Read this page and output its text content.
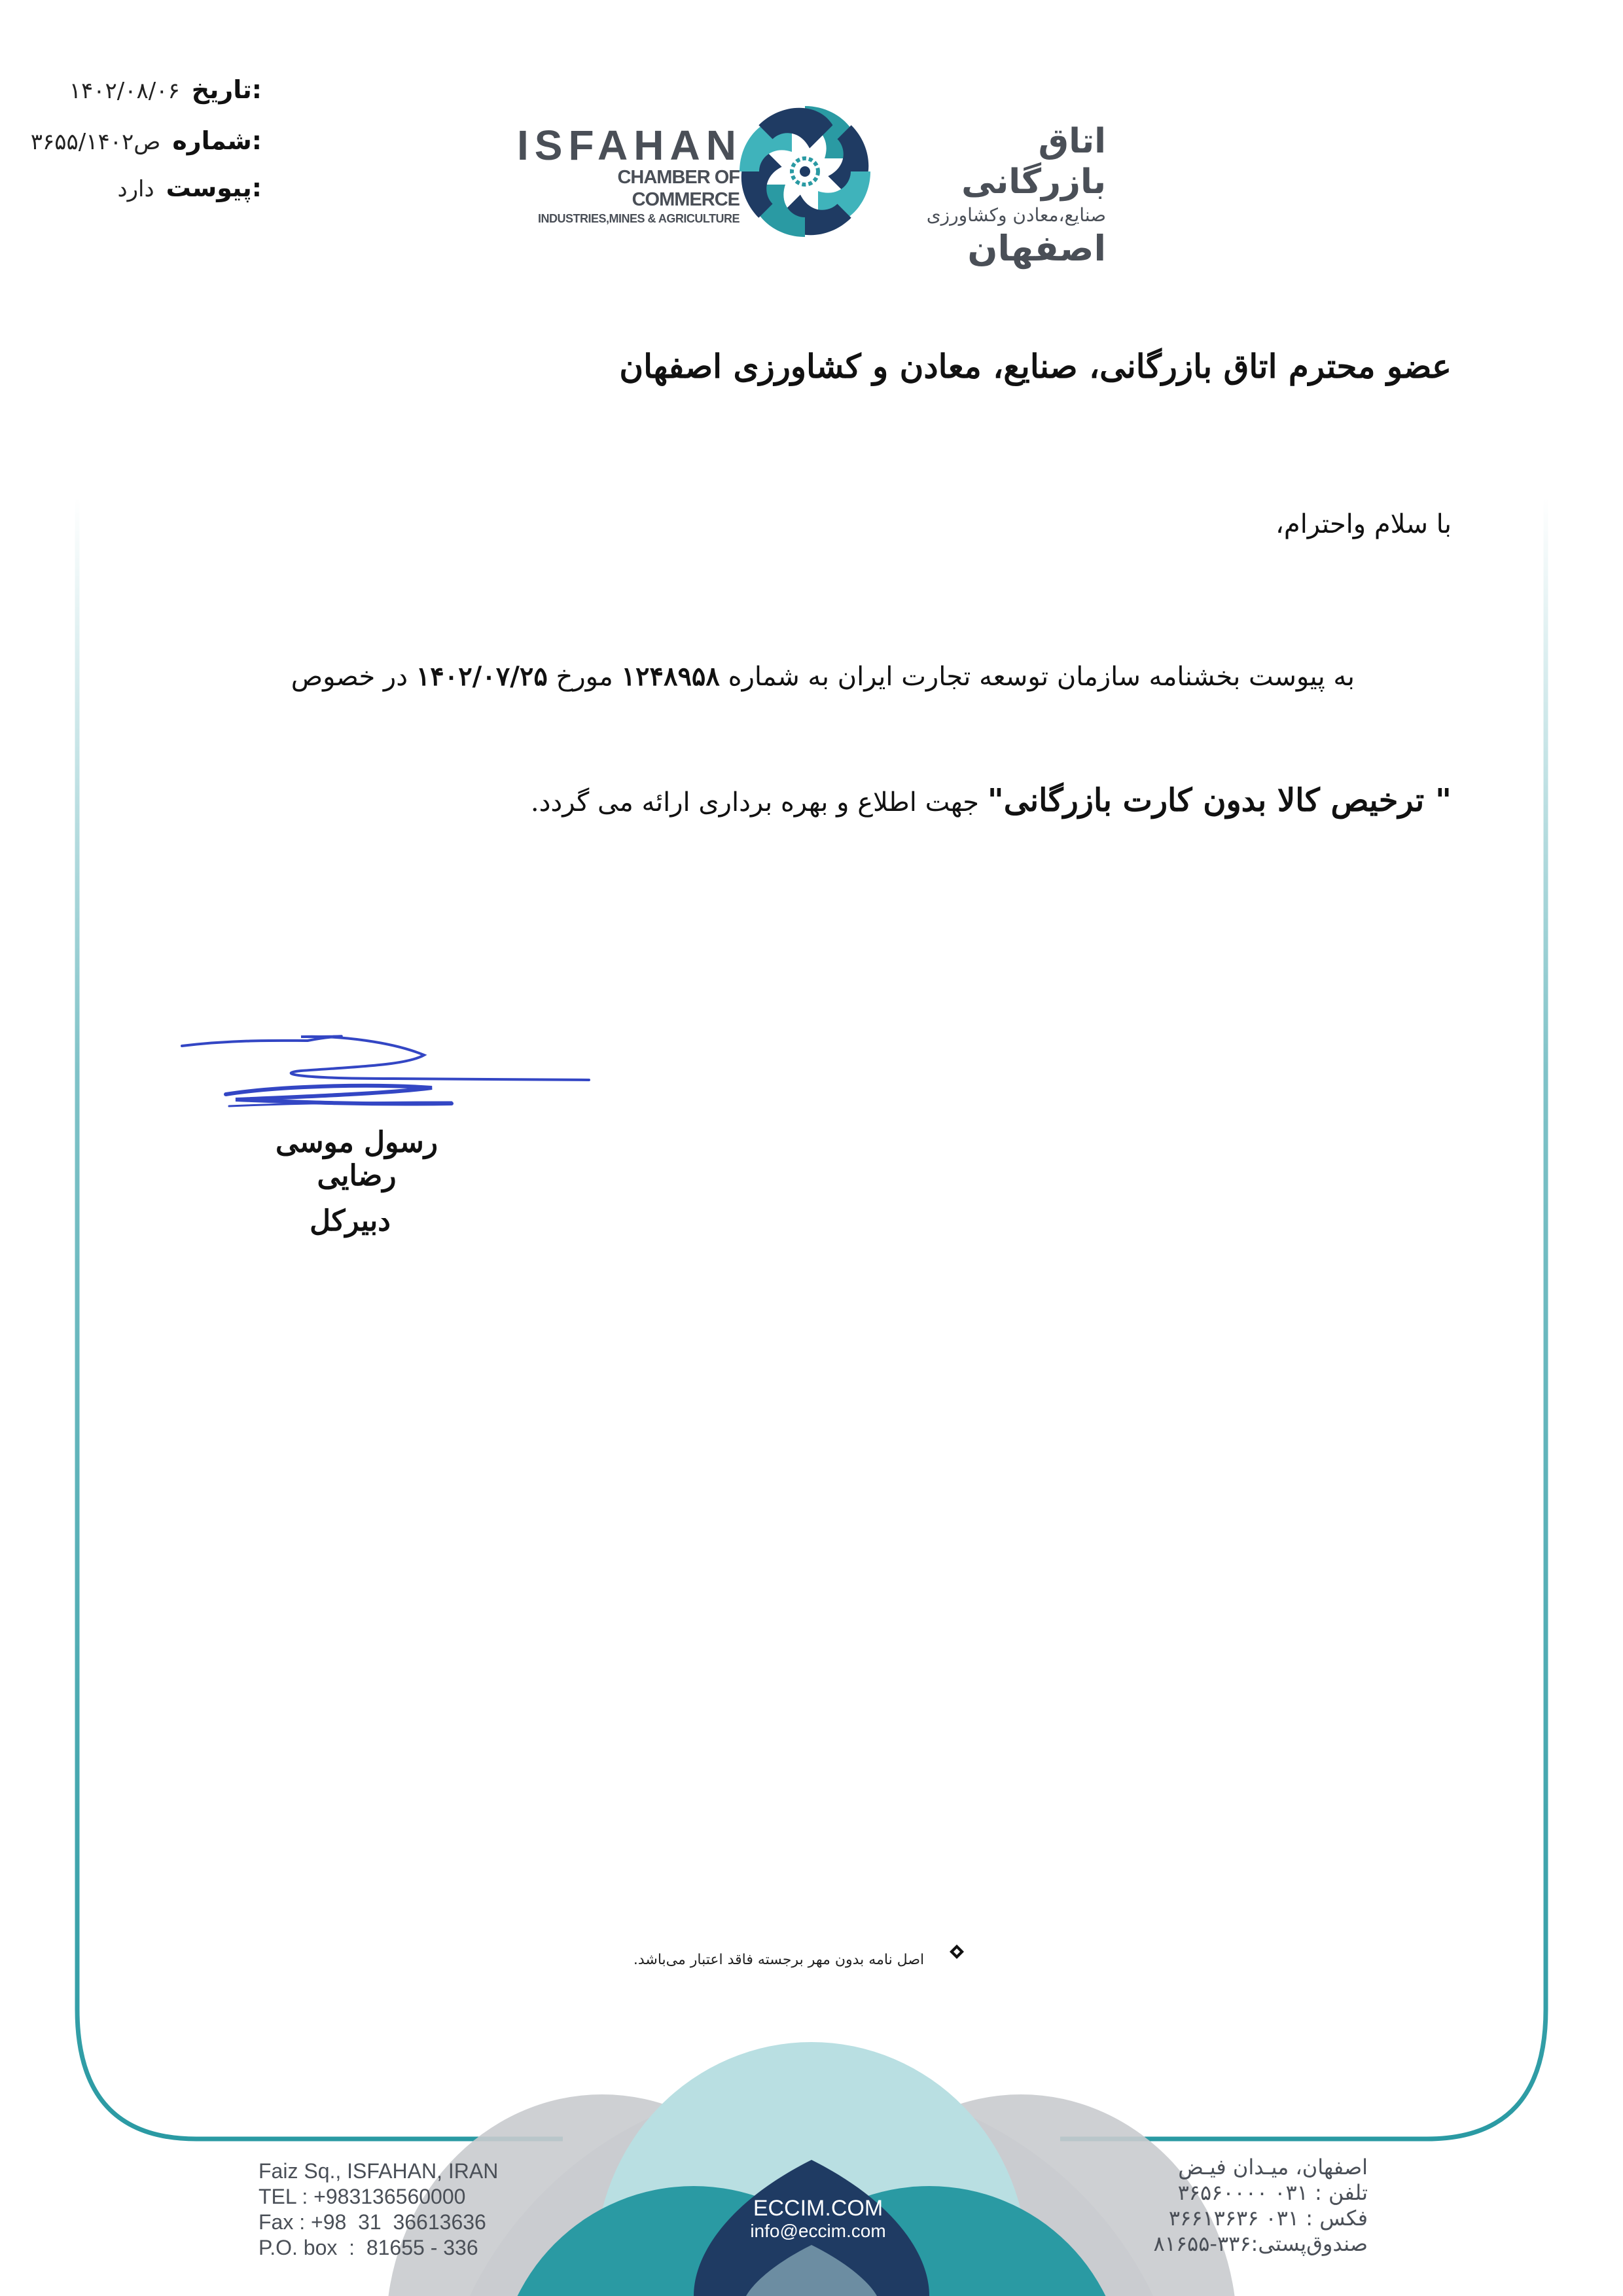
۱۴۰۲/۰۸/۰۶ تاریخ:
۳۶۵۵/ص۱۴۰۲ شماره:
دارد پیوست:
ISFAHAN
CHAMBER OF COMMERCE
INDUSTRIES,MINES & AGRICULTURE
اتاق بازرگانی
صنایع،معادن وکشاورزی
اصفهان
عضو محترم اتاق بازرگانی، صنایع، معادن و کشاورزی اصفهان
با سلام واحترام،
به پیوست بخشنامه سازمان توسعه تجارت ایران به شماره ۱۲۴۸۹۵۸ مورخ ۱۴۰۲/۰۷/۲۵ در خصوص
" ترخیص کالا بدون کارت بازرگانی" جهت اطلاع و بهره برداری ارائه می گردد.
رسول موسی رضایی
دبیرکل
اصل نامه بدون مهر برجسته فاقد اعتبار می‌باشد.
Faiz Sq., ISFAHAN, IRAN
TEL : +983136560000
Fax : +98  31  36613636
P.O. box  :  81655 - 336
ECCIM.COM
info@eccim.com
اصفهان، میـدان فیـض
تلفن : ۰۳۱ ۳۶۵۶۰۰۰۰
فکس : ۰۳۱ ۳۶۶۱۳۶۳۶
صندوق‌پستی:۳۳۶-۸۱۶۵۵
